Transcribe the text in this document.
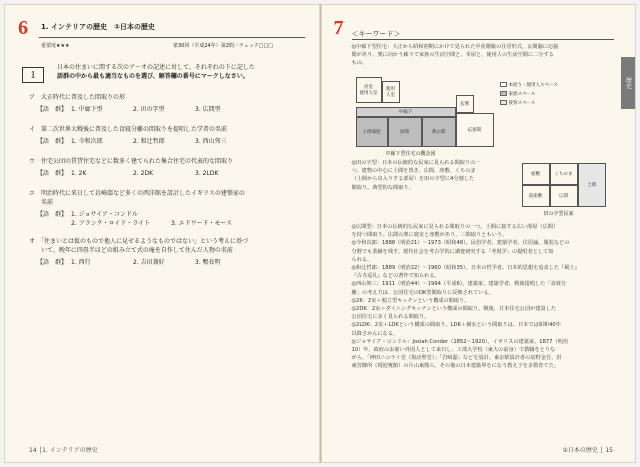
6 1. インテリアの歴史　①日本の歴史
重要度★★★	第30回（平成24年）第2問／チェック□□□
1
日本の住まいに関する次のア～オの記述に対して、それぞれの下に記した
語群の中から最も適当なものを選び、解答欄の番号にマークしなさい。
ア　 大正時代に普及した間取りの形
【語　群】 1. 中廊下型	2. 田の字型	3. 広間型
イ　 第二次世界大戦後に普及した食寝分離の間取りを提唱した学者の名前
【語　群】 1. 今和次郎	2. 和辻哲郎	3. 西山夘三
ウ　 住宅公団の賃貸住宅などに数多く建てられた集合住宅の代表的な間取り
【語　群】 1. 2K	2. 2DK	3. 2LDK
エ　 明治時代に来日して岩崎邸など多くの西洋館を設計したイギリスの建築家の
名前
【語　群】 1. ジョサイア・コンドル
2. フランク・ロイド・ライト	3. エドワード・モース
オ　 「住まいとは仮のもので他人に見せるようなものではない」という考えに基づ
いて、晩年に四畳半ほどの組み立て式の庵を自作して住んだ人物の名前
【語　群】 1. 西行	2. 吉田兼好	3. 鴨長明
14 │1. インテリアの歴史
7 ＜キーワード＞
歴史
◎中廊下型住宅：大正から昭和初期にかけて見られた中産階級の住居形式。玄関脇に応接
間があり、奥に向かう廊下で家族の生活空間と、本屋と、使用人の生活空間に二分する
もの。
居室
使用人室
使用
人室
中廊下
子供部屋	居間	茶の間	応接間
玄関
中廊下型住宅の概念図
本屋り・使用人スペース
家族スペース
接客スペース
◎田の字型：日本の伝統的な民家に見られる間取りの一
つ。建物の中心に土間を置き、広間、座敷、くちのま
（土間から出入りする部屋）を田の字型に4分割した
間取り。典型的な間取り。
座敷	くちのま
前座敷	広間
土間
田の字型民家
◎広間型：日本の伝統的な民家に見られる間取りの一つ。土間に接する広い部屋（広間）
を持つ間取り。広間の奥に寝室と座敷があり、三間取りともいう。
◎今和次郎：1888（明治21）～1973（昭和48）。民俗学者、建築学者。住居論、服装などの
分野でも業績を残す。現代社会を考古学的に調査研究する「考現学」の提唱者として知
られる。
◎和辻哲郎：1889（明治22）～1960（昭和35）。日本の哲学者。日本的思想を追求した『風土』
『古寺巡礼』などの著作で知られる。
◎西山夘三：1911（明治44）～1994（平成6）。建築家、建築学者。戦後提唱した「食寝分
離」の考え方は、公団住宅のDK型間取りに反映されている。
◎2K：2室＋独立型キッチンという構成の間取り。
◎2DK：2室＋ダイニングキッチンという構成の間取り。戦後、日本住宅公団が建設した
公団住宅に多く見られる間取り。
◎2LDK：2室＋LDKという構成の間取り。LDK＋個室という間取りは、日本では昭和40年
以降さかんになる。
◎ジョサイア・コンドル：Josiah Conder（1852～1920）。イギリスの建築家。1877（明治
10）年、政府のお雇い外国人として来日し、工部大学校（東大の前身）で教職をとりな
がら、「神田ニコライ堂（復活聖堂）」「岩崎邸」などを設計。東京駅設計者の辰野金吾、旧
東宮御所（現迎賓館）の片山東熊ら、その後の日本建築界をになう教え子を多数育てた。
①日本の歴史 │ 15
